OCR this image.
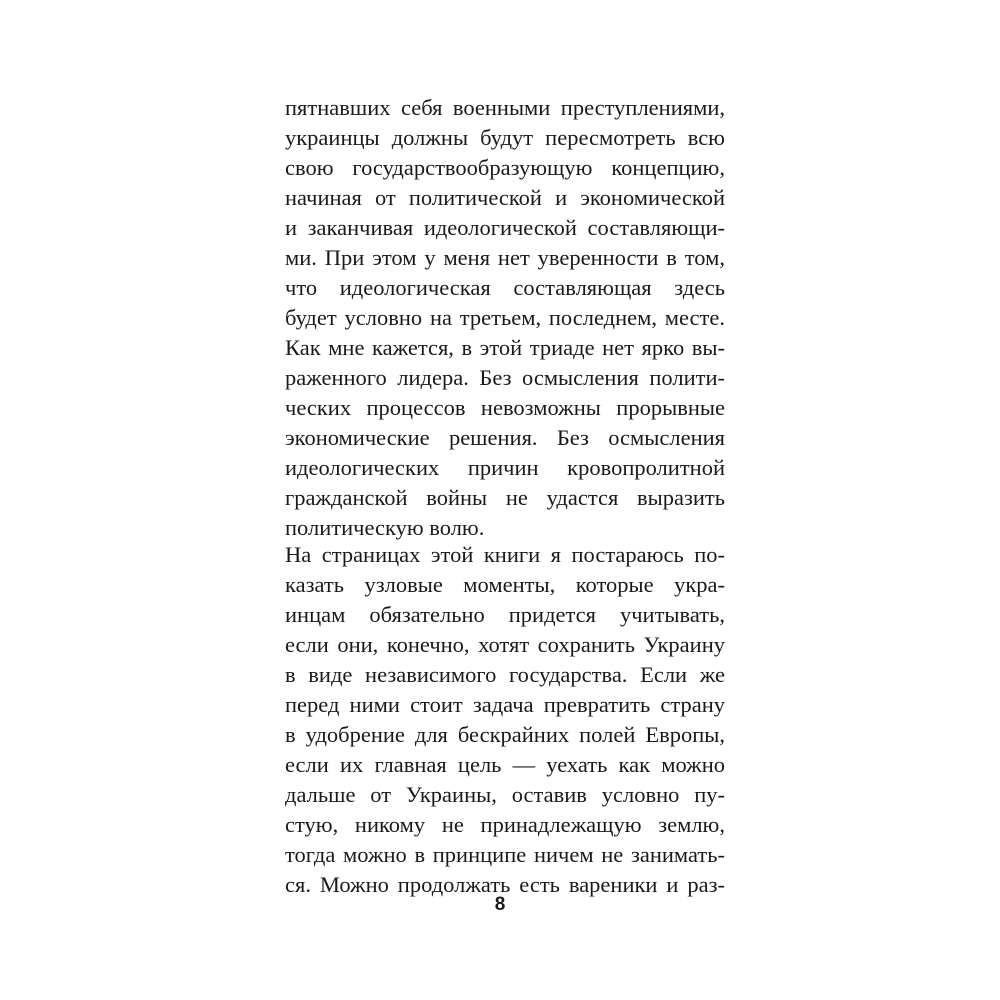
пятнавших себя военными преступлениями,
украинцы должны будут пересмотреть всю
свою государствообразующую концепцию,
начиная от политической и экономической
и заканчивая идеологической составляющи-
ми. При этом у меня нет уверенности в том,
что идеологическая составляющая здесь
будет условно на третьем, последнем, месте.
Как мне кажется, в этой триаде нет ярко вы-
раженного лидера. Без осмысления полити-
ческих процессов невозможны прорывные
экономические решения. Без осмысления
идеологических причин кровопролитной
гражданской войны не удастся выразить
политическую волю.
На страницах этой книги я постараюсь по-
казать узловые моменты, которые укра-
инцам обязательно придется учитывать,
если они, конечно, хотят сохранить Украину
в виде независимого государства. Если же
перед ними стоит задача превратить страну
в удобрение для бескрайних полей Европы,
если их главная цель — уехать как можно
дальше от Украины, оставив условно пу-
стую, никому не принадлежащую землю,
тогда можно в принципе ничем не занимать-
ся. Можно продолжать есть вареники и раз-
8
